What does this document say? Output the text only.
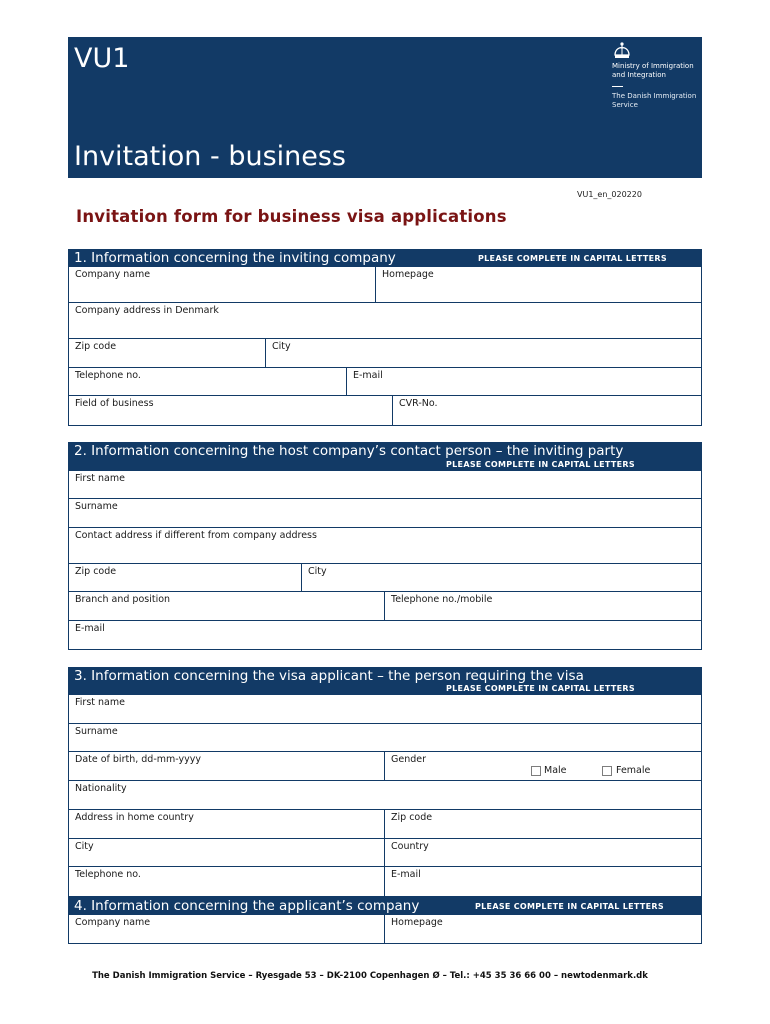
VU1
Invitation - business
Ministry of Immigration and Integration
The Danish Immigration Service
VU1_en_020220
Invitation form for business visa applications
1. Information concerning the inviting company	PLEASE COMPLETE IN CAPITAL LETTERS
Company name	Homepage
Company address in Denmark
Zip code	City
Telephone no.	E-mail
Field of business	CVR-No.
2. Information concerning the host company’s contact person – the inviting party
PLEASE COMPLETE IN CAPITAL LETTERS
First name
Surname
Contact address if different from company address
Zip code	City
Branch and position	Telephone no./mobile
E-mail
3. Information concerning the visa applicant – the person requiring the visa
PLEASE COMPLETE IN CAPITAL LETTERS
First name
Surname
Date of birth, dd-mm-yyyy	Gender
Male	Female
Nationality
Address in home country	Zip code
City	Country
Telephone no.	E-mail
4. Information concerning the applicant’s company	PLEASE COMPLETE IN CAPITAL LETTERS
Company name	Homepage
The Danish Immigration Service – Ryesgade 53 – DK-2100 Copenhagen Ø – Tel.: +45 35 36 66 00 – newtodenmark.dk
